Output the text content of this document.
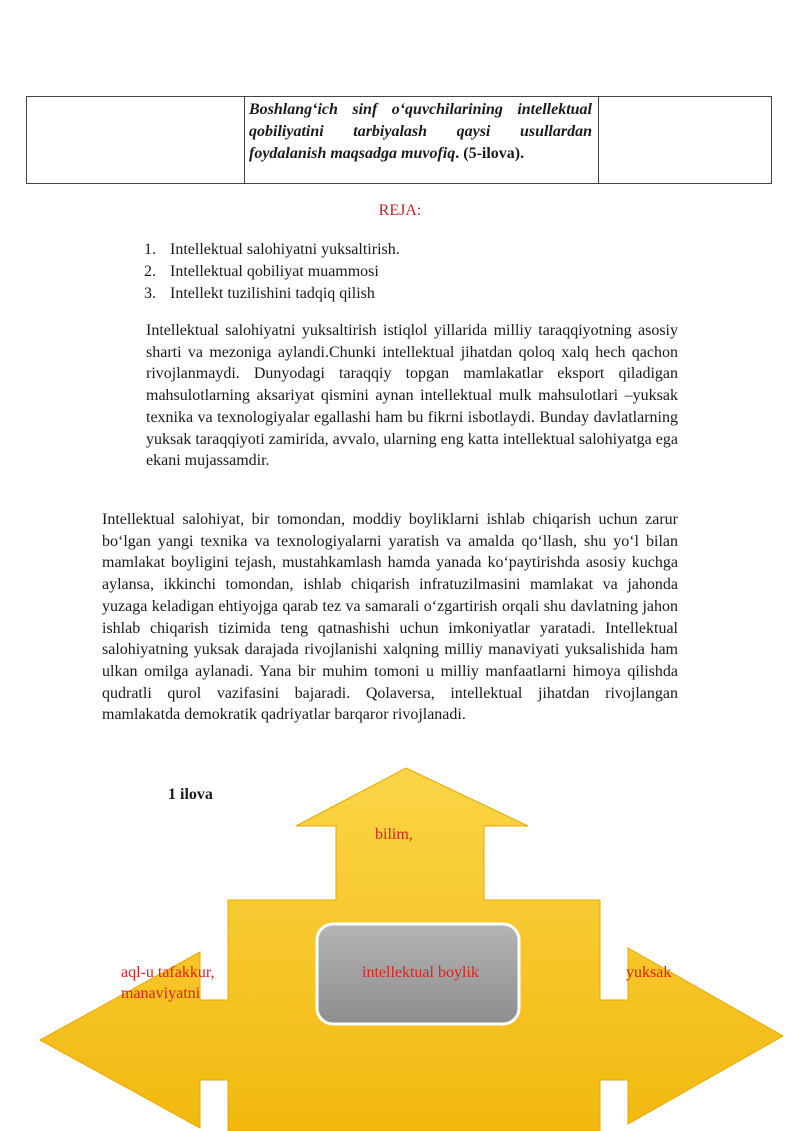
Boshlang‘ich sinf o‘quvchilarining intellektual qobiliyatini tarbiyalash qaysi usullardan foydalanish maqsadga muvofiq. (5-ilova).

REJA:
1. Intellektual salohiyatni yuksaltirish.
2. Intellektual qobiliyat muammosi
3. Intellekt tuzilishini tadqiq qilish

Intellektual salohiyatni yuksaltirish istiqlol yillarida milliy taraqqiyotning asosiy sharti va mezoniga aylandi.Chunki intellektual jihatdan qoloq xalq hech qachon rivojlanmaydi. Dunyodagi taraqqiy topgan mamlakatlar eksport qiladigan mahsulotlarning aksariyat qismini aynan intellektual mulk mahsulotlari –yuksak texnika va texnologiyalar egallashi ham bu fikrni isbotlaydi. Bunday davlatlarning yuksak taraqqiyoti zamirida, avvalo, ularning eng katta intellektual salohiyatga ega ekani mujassamdir.

Intellektual salohiyat, bir tomondan, moddiy boyliklarni ishlab chiqarish uchun zarur bo‘lgan yangi texnika va texnologiyalarni yaratish va amalda qo‘llash, shu yo‘l bilan mamlakat boyligini tejash, mustahkamlash hamda yanada ko‘paytirishda asosiy kuchga aylansa, ikkinchi tomondan, ishlab chiqarish infratuzilmasini mamlakat va jahonda yuzaga keladigan ehtiyojga qarab tez va samarali o‘zgartirish orqali shu davlatning jahon ishlab chiqarish tizimida teng qatnashishi uchun imkoniyatlar yaratadi. Intellektual salohiyatning yuksak darajada rivojlanishi xalqning milliy manaviyati yuksalishida ham ulkan omilga aylanadi. Yana bir muhim tomoni u milliy manfaatlarni himoya qilishda qudratli qurol vazifasini bajaradi. Qolaversa, intellektual jihatdan rivojlangan mamlakatda demokratik qadriyatlar barqaror rivojlanadi.

1 ilova
bilim,
aql-u tafakkur, manaviyatni
intellektual boylik	yuksak
